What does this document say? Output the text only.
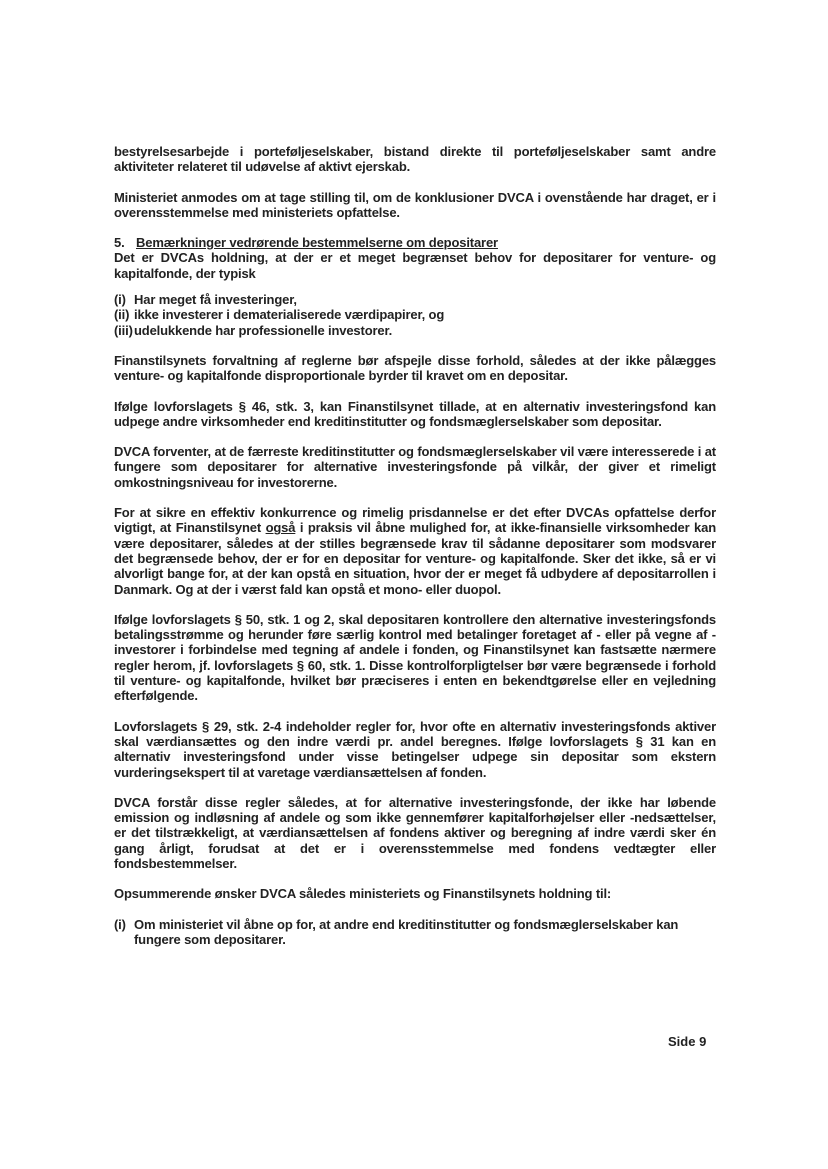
bestyrelsesarbejde i porteføljeselskaber, bistand direkte til porteføljeselskaber samt andre aktiviteter relateret til udøvelse af aktivt ejerskab.

Ministeriet anmodes om at tage stilling til, om de konklusioner DVCA i ovenstående har draget, er i overensstemmelse med ministeriets opfattelse.

5. Bemærkninger vedrørende bestemmelserne om depositarer

Det er DVCAs holdning, at der er et meget begrænset behov for depositarer for venture- og kapitalfonde, der typisk

(i) Har meget få investeringer,
(ii) ikke investerer i dematerialiserede værdipapirer, og
(iii) udelukkende har professionelle investorer.

Finanstilsynets forvaltning af reglerne bør afspejle disse forhold, således at der ikke pålægges venture- og kapitalfonde disproportionale byrder til kravet om en depositar.

Ifølge lovforslagets § 46, stk. 3, kan Finanstilsynet tillade, at en alternativ investeringsfond kan udpege andre virksomheder end kreditinstitutter og fondsmæglerselskaber som depositar.

DVCA forventer, at de færreste kreditinstitutter og fondsmæglerselskaber vil være interesserede i at fungere som depositarer for alternative investeringsfonde på vilkår, der giver et rimeligt omkostningsniveau for investorerne.

For at sikre en effektiv konkurrence og rimelig prisdannelse er det efter DVCAs opfattelse derfor vigtigt, at Finanstilsynet også i praksis vil åbne mulighed for, at ikke-finansielle virksomheder kan være depositarer, således at der stilles begrænsede krav til sådanne depositarer som modsvarer det begrænsede behov, der er for en depositar for venture- og kapitalfonde. Sker det ikke, så er vi alvorligt bange for, at der kan opstå en situation, hvor der er meget få udbydere af depositarrollen i Danmark. Og at der i værst fald kan opstå et mono- eller duopol.

Ifølge lovforslagets § 50, stk. 1 og 2, skal depositaren kontrollere den alternative investeringsfonds betalingsstrømme og herunder føre særlig kontrol med betalinger foretaget af - eller på vegne af - investorer i forbindelse med tegning af andele i fonden, og Finanstilsynet kan fastsætte nærmere regler herom, jf. lovforslagets § 60, stk. 1. Disse kontrolforpligtelser bør være begrænsede i forhold til venture- og kapitalfonde, hvilket bør præciseres i enten en bekendtgørelse eller en vejledning efterfølgende.

Lovforslagets § 29, stk. 2-4 indeholder regler for, hvor ofte en alternativ investeringsfonds aktiver skal værdiansættes og den indre værdi pr. andel beregnes. Ifølge lovforslagets § 31 kan en alternativ investeringsfond under visse betingelser udpege sin depositar som ekstern vurderingsekspert til at varetage værdiansættelsen af fonden.

DVCA forstår disse regler således, at for alternative investeringsfonde, der ikke har løbende emission og indløsning af andele og som ikke gennemfører kapitalforhøjelser eller -nedsættelser, er det tilstrækkeligt, at værdiansættelsen af fondens aktiver og beregning af indre værdi sker én gang årligt, forudsat at det er i overensstemmelse med fondens vedtægter eller fondsbestemmelser.

Opsummerende ønsker DVCA således ministeriets og Finanstilsynets holdning til:

(i) Om ministeriet vil åbne op for, at andre end kreditinstitutter og fondsmæglerselskaber kan fungere som depositarer.
Side 9
